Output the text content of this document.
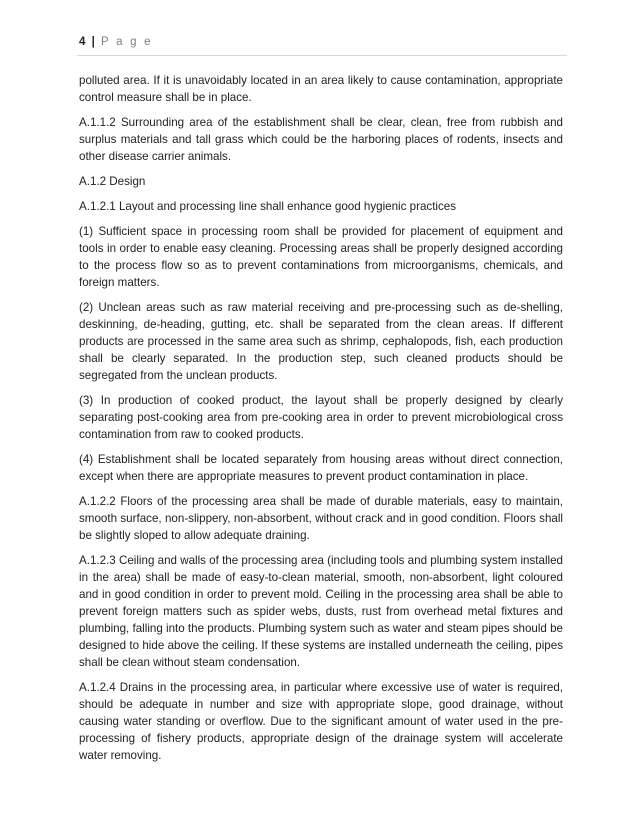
4 | P a g e

polluted area. If it is unavoidably located in an area likely to cause contamination, appropriate control measure shall be in place.

A.1.1.2 Surrounding area of the establishment shall be clear, clean, free from rubbish and surplus materials and tall grass which could be the harboring places of rodents, insects and other disease carrier animals.

A.1.2 Design

A.1.2.1 Layout and processing line shall enhance good hygienic practices

(1) Sufficient space in processing room shall be provided for placement of equipment and tools in order to enable easy cleaning. Processing areas shall be properly designed according to the process flow so as to prevent contaminations from microorganisms, chemicals, and foreign matters.

(2) Unclean areas such as raw material receiving and pre-processing such as de-shelling, deskinning, de-heading, gutting, etc. shall be separated from the clean areas. If different products are processed in the same area such as shrimp, cephalopods, fish, each production shall be clearly separated. In the production step, such cleaned products should be segregated from the unclean products.

(3) In production of cooked product, the layout shall be properly designed by clearly separating post-cooking area from pre-cooking area in order to prevent microbiological cross contamination from raw to cooked products.

(4) Establishment shall be located separately from housing areas without direct connection, except when there are appropriate measures to prevent product contamination in place.

A.1.2.2 Floors of the processing area shall be made of durable materials, easy to maintain, smooth surface, non-slippery, non-absorbent, without crack and in good condition. Floors shall be slightly sloped to allow adequate draining.

A.1.2.3 Ceiling and walls of the processing area (including tools and plumbing system installed in the area) shall be made of easy-to-clean material, smooth, non-absorbent, light coloured and in good condition in order to prevent mold. Ceiling in the processing area shall be able to prevent foreign matters such as spider webs, dusts, rust from overhead metal fixtures and plumbing, falling into the products. Plumbing system such as water and steam pipes should be designed to hide above the ceiling. If these systems are installed underneath the ceiling, pipes shall be clean without steam condensation.

A.1.2.4 Drains in the processing area, in particular where excessive use of water is required, should be adequate in number and size with appropriate slope, good drainage, without causing water standing or overflow. Due to the significant amount of water used in the pre-processing of fishery products, appropriate design of the drainage system will accelerate water removing.
